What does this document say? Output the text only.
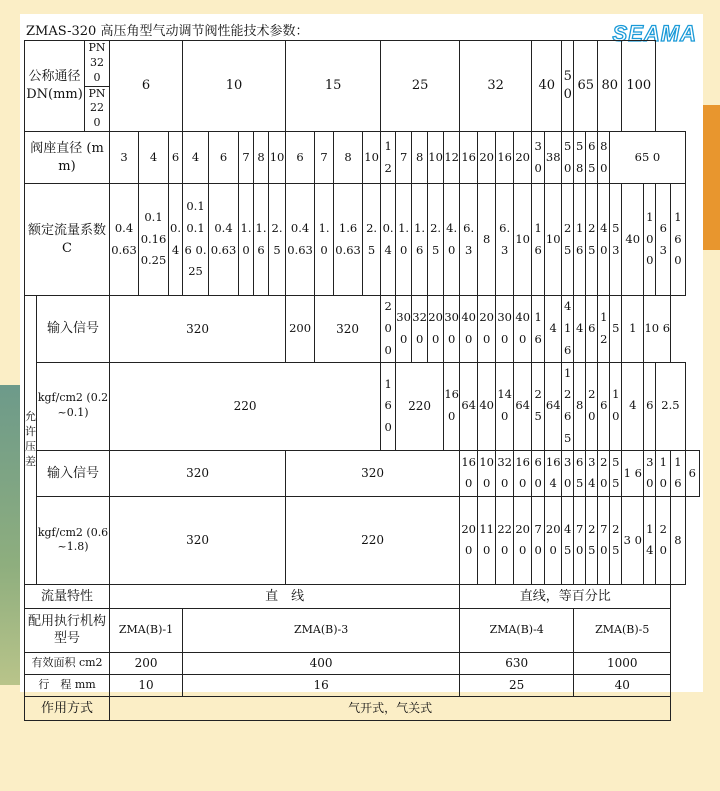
ZMAS-320 高压角型气动调节阀性能技术参数：	SEAMA
公称通径 DN(mm)		PN32 0	6			10					15				25					32				40		50	65		80		100				
		PN22 0																																	
阀座直径 (mm)			3	4	6	4	6	7	8	10	6	7	8	10	12	7	8	10	12	16	20	16	20	30	38	50	58	65	80	65 0					
额定流量系数 C			0.4 0.63	0.1 0.16 0.25	0.4	0.1 0.16 0.25	0.4 0.63	1.0	1.6	2.5	0.4 0.63	1.0	1.6 0.63	2.5	0.4	1.0	1.6	2.5	4.0	6.3	8	6.3	10	16	10	25	16	25	40	53	40	100	63	160	
允许压差	输入信号		320								200	320			200	300	320	200	300	400	200	300	400	16	4	4 16	4	6	12	5	1	10 6			
	kgf/cm2 (0.2~0.1)		220												160	220			160	64	40	14 0	64	25	64	12 65	8	20	6	10	4	6	2.5		
	输入信号		320								320									16 0	10 0	32 0	16 0	6 0	16 4	3 0	6 5	3 4	2 0	5 5	1 6	3 0	10	1 6	6
	kgf/cm2 (0.6~1.8)		320								220									20 0	11 0	22 0	20 0	7 0	20 0	4 5	7 0	2 5	7 0	2 5	3 0	14	2 0	8	
流量特性			直　线																	直线，等百分比															
配用执行机构型号			ZMA(B)-1			ZMA(B)-3														ZMA(B)-4							ZMA(B)-5								
有效面积 cm2			200			400														630							1000								
行　程 mm			10			16														25							40								
作用方式			气开式，气关式																																
